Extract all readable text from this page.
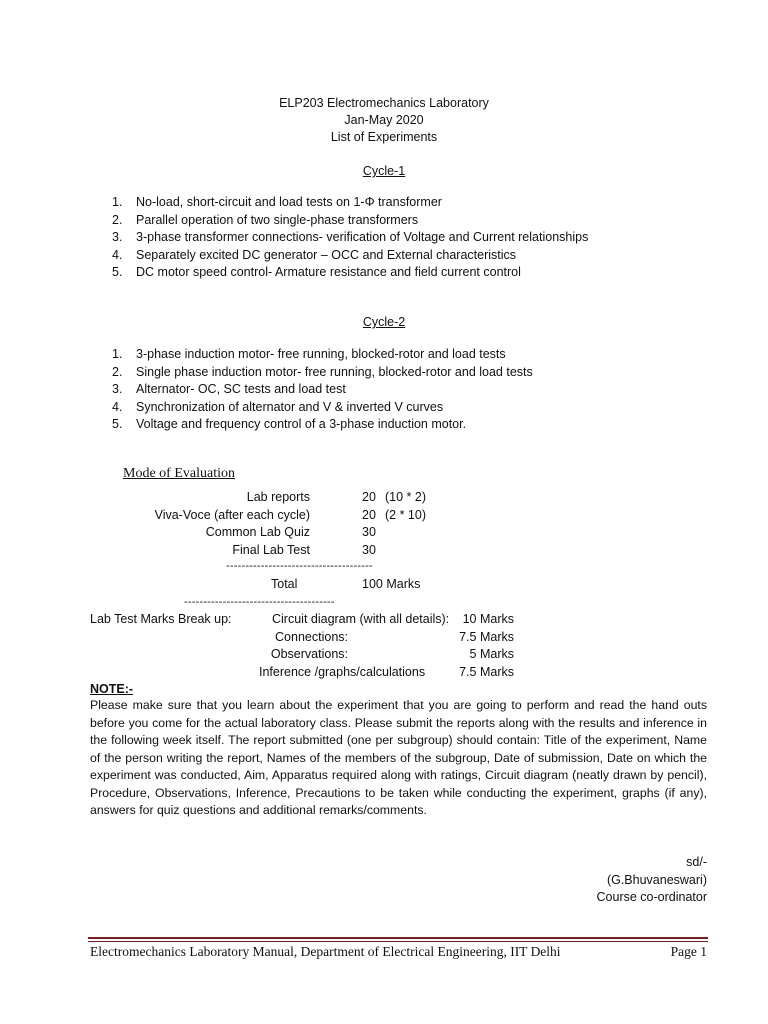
ELP203 Electromechanics Laboratory
Jan-May 2020
List of Experiments
Cycle-1
1. No-load, short-circuit and load tests on 1-Φ transformer
2. Parallel operation of two single-phase transformers
3. 3-phase transformer connections- verification of Voltage and Current relationships
4. Separately excited DC generator – OCC and External characteristics
5. DC motor speed control- Armature resistance and field current control
Cycle-2
1. 3-phase induction motor- free running, blocked-rotor and load tests
2. Single phase induction motor- free running, blocked-rotor and load tests
3. Alternator- OC, SC tests and load test
4. Synchronization of alternator and V & inverted V curves
5. Voltage and frequency control of a 3-phase induction motor.
Mode of Evaluation
Lab reports	20 (10 * 2)
Viva-Voce (after each cycle)	20 (2 * 10)
Common Lab Quiz	30
Final Lab Test	30
--------------------------------------
Total	100 Marks
---------------------------------------
Lab Test Marks Break up:	Circuit diagram (with all details): 10 Marks
Connections:	7.5 Marks
Observations:	5 Marks
Inference /graphs/calculations	7.5 Marks
NOTE:-
Please make sure that you learn about the experiment that you are going to perform and read the hand outs before you come for the actual laboratory class. Please submit the reports along with the results and inference in the following week itself. The report submitted (one per subgroup) should contain: Title of the experiment, Name of the person writing the report, Names of the members of the subgroup, Date of submission, Date on which the experiment was conducted, Aim, Apparatus required along with ratings, Circuit diagram (neatly drawn by pencil), Procedure, Observations, Inference, Precautions to be taken while conducting the experiment, graphs (if any), answers for quiz questions and additional remarks/comments.
sd/-
(G.Bhuvaneswari)
Course co-ordinator
Electromechanics Laboratory Manual, Department of Electrical Engineering, IIT Delhi	Page 1
